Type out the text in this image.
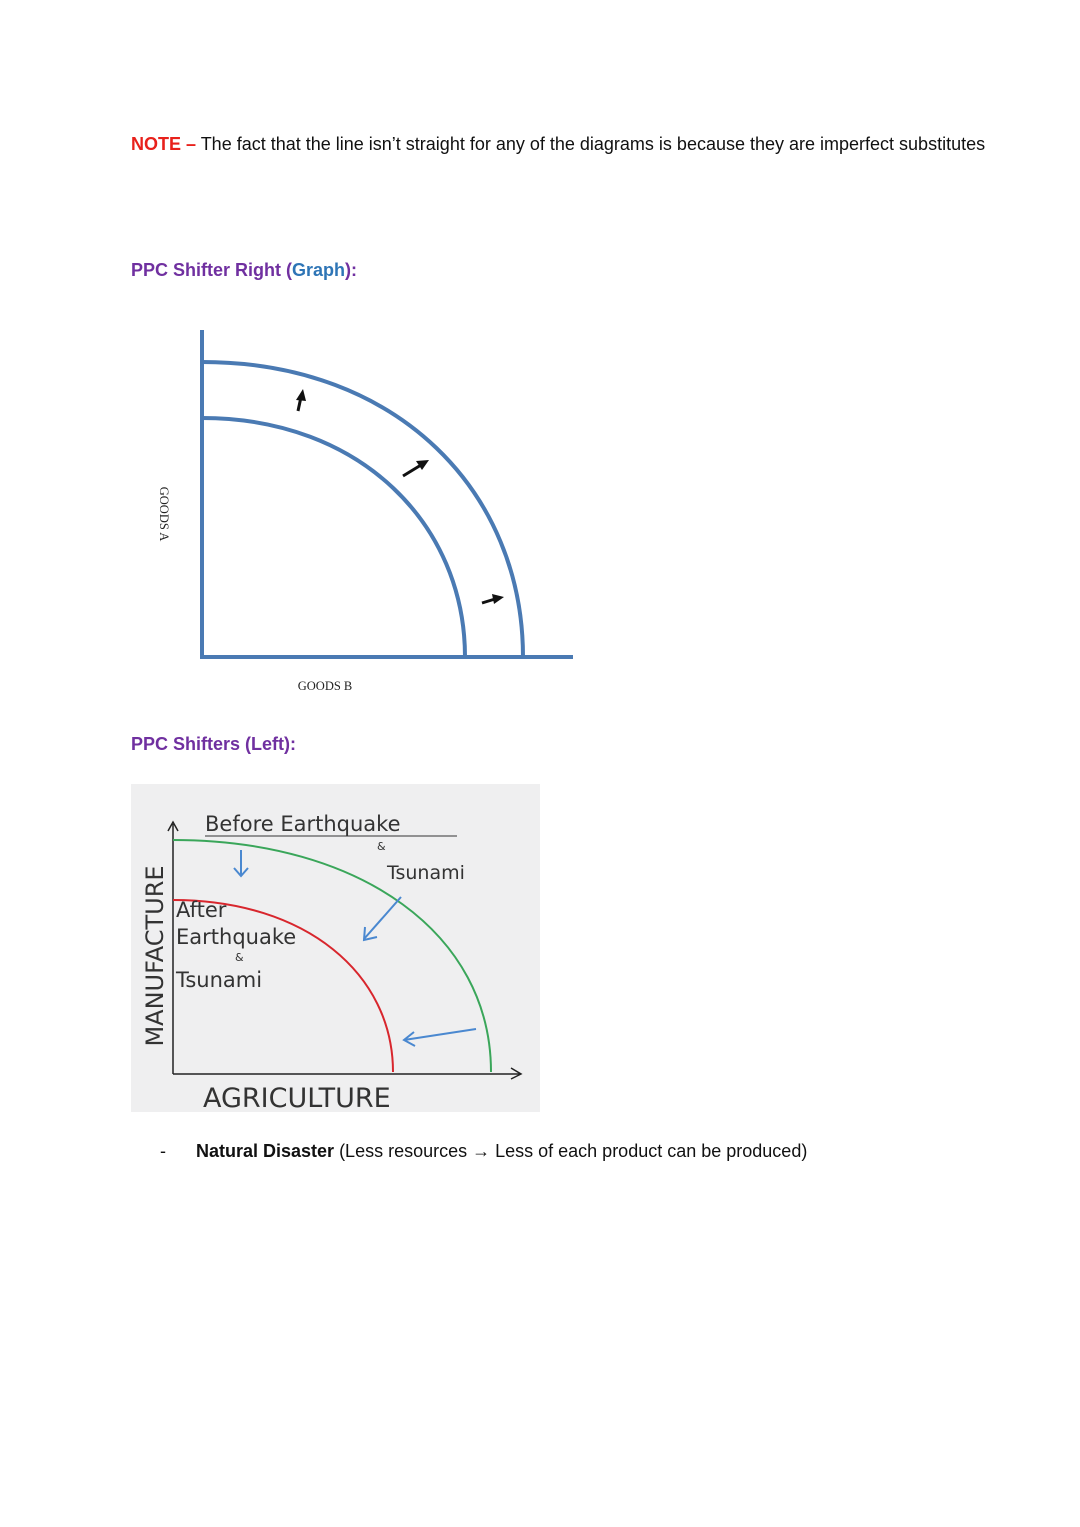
NOTE – The fact that the line isn’t straight for any of the diagrams is because they are imperfect substitutes
PPC Shifter Right (Graph):
GOODS A
GOODS B
PPC Shifters (Left):
Before Earthquake
&
Tsunami
After
Earthquake
&
Tsunami
MANUFACTURE
AGRICULTURE
- Natural Disaster (Less resources → Less of each product can be produced)
